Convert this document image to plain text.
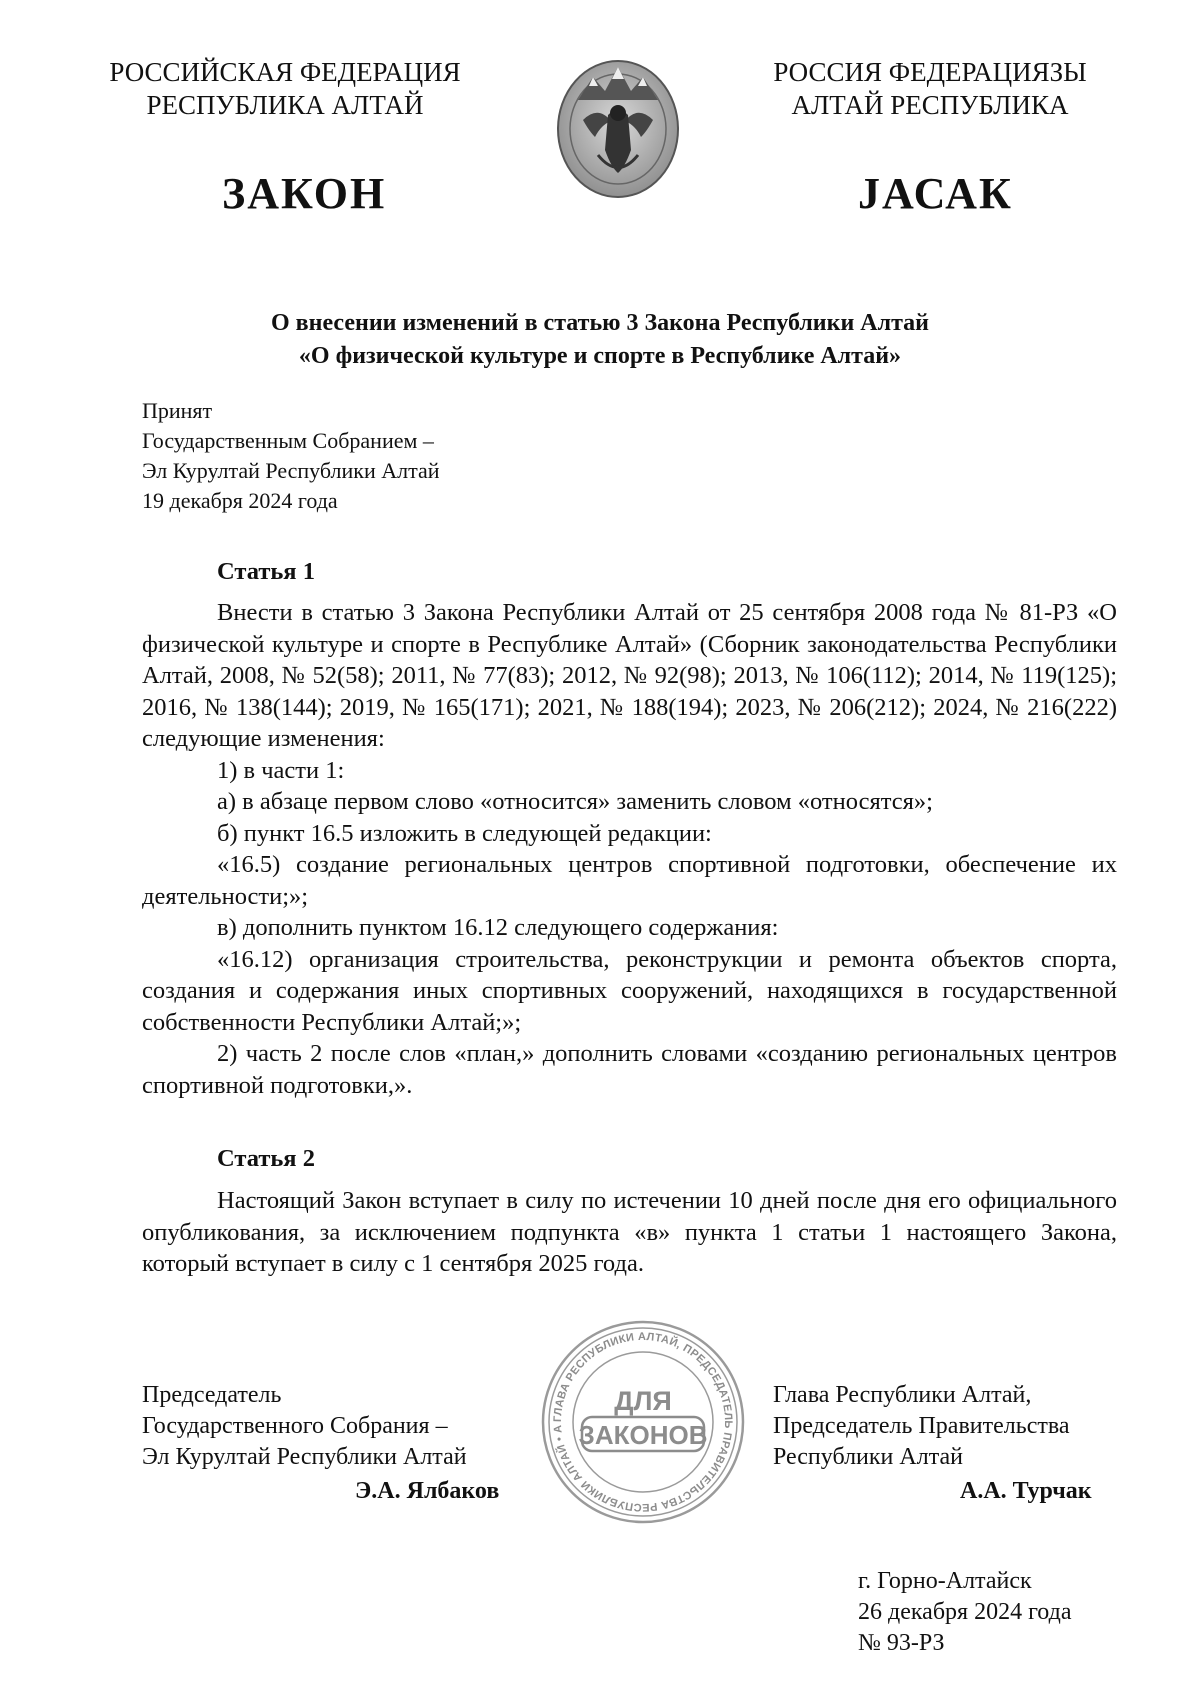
РОССИЙСКАЯ ФЕДЕРАЦИЯ
РЕСПУБЛИКА АЛТАЙ
РОССИЯ ФЕДЕРАЦИЯЗЫ
АЛТАЙ РЕСПУБЛИКА
ЗАКОН	ЈАСАК
О внесении изменений в статью 3 Закона Республики Алтай
«О физической культуре и спорте в Республике Алтай»
Принят
Государственным Собранием –
Эл Курултай Республики Алтай
19 декабря 2024 года
Статья 1

Внести в статью 3 Закона Республики Алтай от 25 сентября 2008 года № 81-РЗ «О физической культуре и спорте в Республике Алтай» (Сборник законодательства Республики Алтай, 2008, № 52(58); 2011, № 77(83); 2012, № 92(98); 2013, № 106(112); 2014, № 119(125); 2016, № 138(144); 2019, № 165(171); 2021, № 188(194); 2023, № 206(212); 2024, № 216(222) следующие изменения:

1) в части 1:

а) в абзаце первом слово «относится» заменить словом «относятся»;

б) пункт 16.5 изложить в следующей редакции:

«16.5) создание региональных центров спортивной подготовки, обеспечение их деятельности;»;

в) дополнить пунктом 16.12 следующего содержания:

«16.12) организация строительства, реконструкции и ремонта объектов спорта, создания и содержания иных спортивных сооружений, находящихся в государственной собственности Республики Алтай;»;

2) часть 2 после слов «план,» дополнить словами «созданию региональных центров спортивной подготовки,».

Статья 2

Настоящий Закон вступает в силу по истечении 10 дней после дня его официального опубликования, за исключением подпункта «в» пункта 1 статьи 1 настоящего Закона, который вступает в силу с 1 сентября 2025 года.

ГЛАВА РЕСПУБЛИКИ АЛТАЙ, ПРЕДСЕДАТЕЛЬ ПРАВИТЕЛЬСТВА РЕСПУБЛИКИ АЛТАЙ • А
ДЛЯ
ЗАКОНОВ
Председатель
Государственного Собрания –
Эл Курултай Республики Алтай
Э.А. Ялбаков
Глава Республики Алтай,
Председатель Правительства
Республики Алтай
А.А. Турчак
г. Горно-Алтайск
26 декабря 2024 года
№ 93-РЗ
